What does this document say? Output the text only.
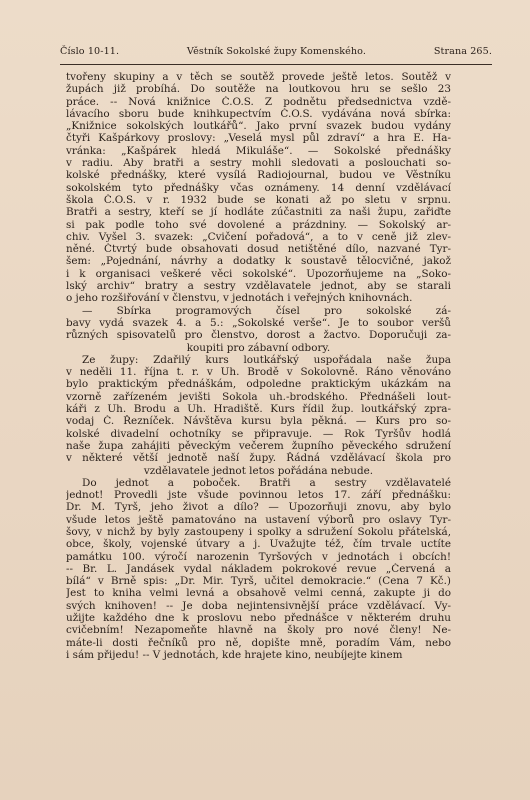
Číslo 10-11.	Věstník Sokolské župy Komenského.	Strana 265.
tvořeny skupiny a v těch se soutěž provede ještě letos. Soutěž v
župách již probíhá. Do soutěže na loutkovou hru se sešlo 23
práce. -- Nová knižnice Č.O.S. Z podnětu předsednictva vzdě-
lávacího sboru bude knihkupectvím Č.O.S. vydávána nová sbírka:
„Knižnice sokolských loutkářů“. Jako první svazek budou vydány
čtyři Kašpárkovy proslovy: „Veselá mysl půl zdraví“ a hra E. Ha-
vránka: „Kašpárek hledá Mikuláše“. — Sokolské přednášky
v radiu. Aby bratři a sestry mohli sledovati a poslouchati so-
kolské přednášky, které vysílá Radiojournal, budou ve Věstníku
sokolském tyto přednášky včas oznámeny. 14 denní vzdělávací
škola Č.O.S. v r. 1932 bude se konati až po sletu v srpnu.
Bratři a sestry, kteří se jí hodláte zúčastniti za naši župu, zařiďte
si pak podle toho své dovolené a prázdniny. — Sokolský ar-
chiv. Vyšel 3. svazek: „Cvičení pořadová“, a to v ceně již zlev-
něné. Čtvrtý bude obsahovati dosud netištěné dílo, nazvané Tyr-
šem: „Pojednání, návrhy a dodatky k soustavě tělocvičné, jakož
i k organisaci veškeré věci sokolské“. Upozorňujeme na „Soko-
lský archiv“ bratry a sestry vzdělavatele jednot, aby se starali
o jeho rozšiřování v členstvu, v jednotách i veřejných knihovnách.
— Sbírka programových čísel pro sokolské zá-
bavy vydá svazek 4. a 5.: „Sokolské verše“. Je to soubor veršů
různých spisovatelů pro členstvo, dorost a žactvo. Doporučuji za-
koupiti pro zábavní odbory.
Ze župy: Zdařilý kurs loutkářský uspořádala naše župa
v neděli 11. října t. r. v Uh. Brodě v Sokolovně. Ráno věnováno
bylo praktickým přednáškám, odpoledne praktickým ukázkám na
vzorně zařízeném jevišti Sokola uh.-brodského. Přednášeli lout-
káři z Uh. Brodu a Uh. Hradiště. Kurs řídil žup. loutkářský zpra-
vodaj Č. Řezníček. Návštěva kursu byla pěkná. — Kurs pro so-
kolské divadelní ochotníky se připravuje. — Rok Tyršův hodlá
naše župa zahájiti pěveckým večerem župního pěveckého sdružení
v některé větší jednotě naší župy. Řádná vzdělávací škola pro
vzdělavatele jednot letos pořádána nebude.
Do jednot a poboček. Bratři a sestry vzdělavatelé
jednot! Provedli jste všude povinnou letos 17. září přednášku:
Dr. M. Tyrš, jeho život a dílo? — Upozorňuji znovu, aby bylo
všude letos ještě pamatováno na ustavení výborů pro oslavy Tyr-
šovy, v nichž by byly zastoupeny i spolky a sdružení Sokolu přátelská,
obce, školy, vojenské útvary a j. Uvažujte též, čím trvale uctíte
památku 100. výročí narozenin Tyršových v jednotách i obcích!
-- Br. L. Jandásek vydal nákladem pokrokové revue „Červená a
bílá“ v Brně spis: „Dr. Mir. Tyrš, učitel demokracie.“ (Cena 7 Kč.)
Jest to kniha velmi levná a obsahově velmi cenná, zakupte ji do
svých knihoven! -- Je doba nejintensivnější práce vzdělávací. Vy-
užijte každého dne k proslovu nebo přednášce v některém druhu
cvičebním! Nezapomeňte hlavně na školy pro nové členy! Ne-
máte-li dosti řečníků pro ně, dopište mně, poradím Vám, nebo
i sám přijedu! -- V jednotách, kde hrajete kino, neubíjejte kinem
